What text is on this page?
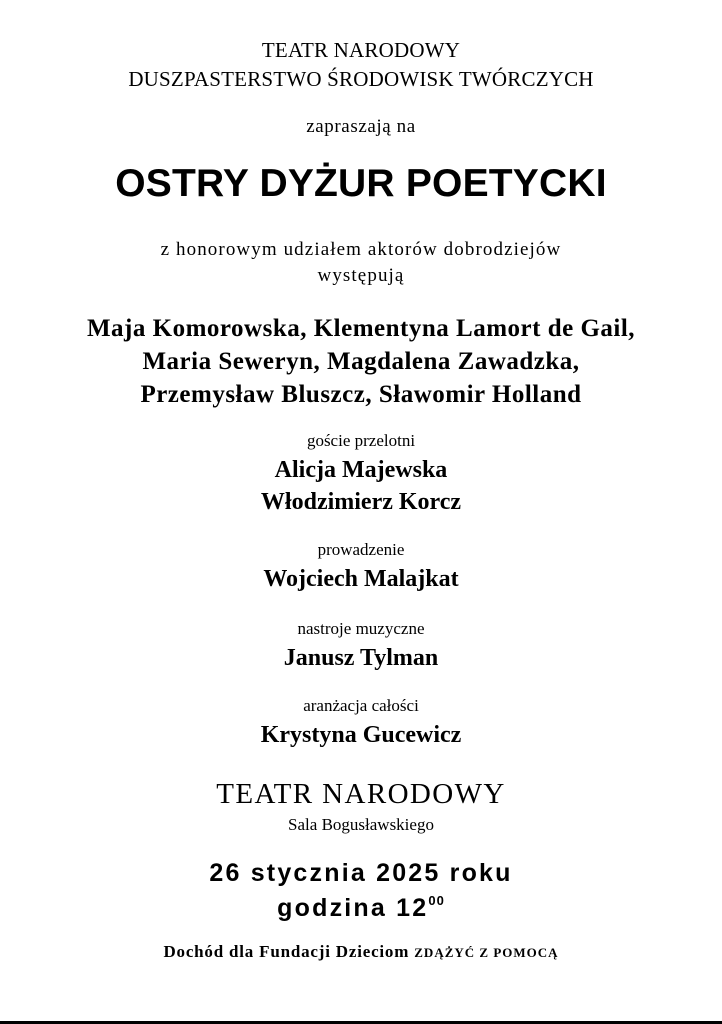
TEATR NARODOWY
DUSZPASTERSTWO ŚRODOWISK TWÓRCZYCH
zapraszają na
OSTRY DYŻUR POETYCKI
z honorowym udziałem aktorów dobrodziejów
występują
Maja Komorowska, Klementyna Lamort de Gail,
Maria Seweryn, Magdalena Zawadzka,
Przemysław Bluszcz, Sławomir Holland
goście przelotni
Alicja Majewska
Włodzimierz Korcz
prowadzenie
Wojciech Malajkat
nastroje muzyczne
Janusz Tylman
aranżacja całości
Krystyna Gucewicz
TEATR NARODOWY
Sala Bogusławskiego
26 stycznia 2025 roku
godzina $12^{00}$
Dochód dla Fundacji Dzieciom ZDĄŻYĆ Z POMOCĄ
